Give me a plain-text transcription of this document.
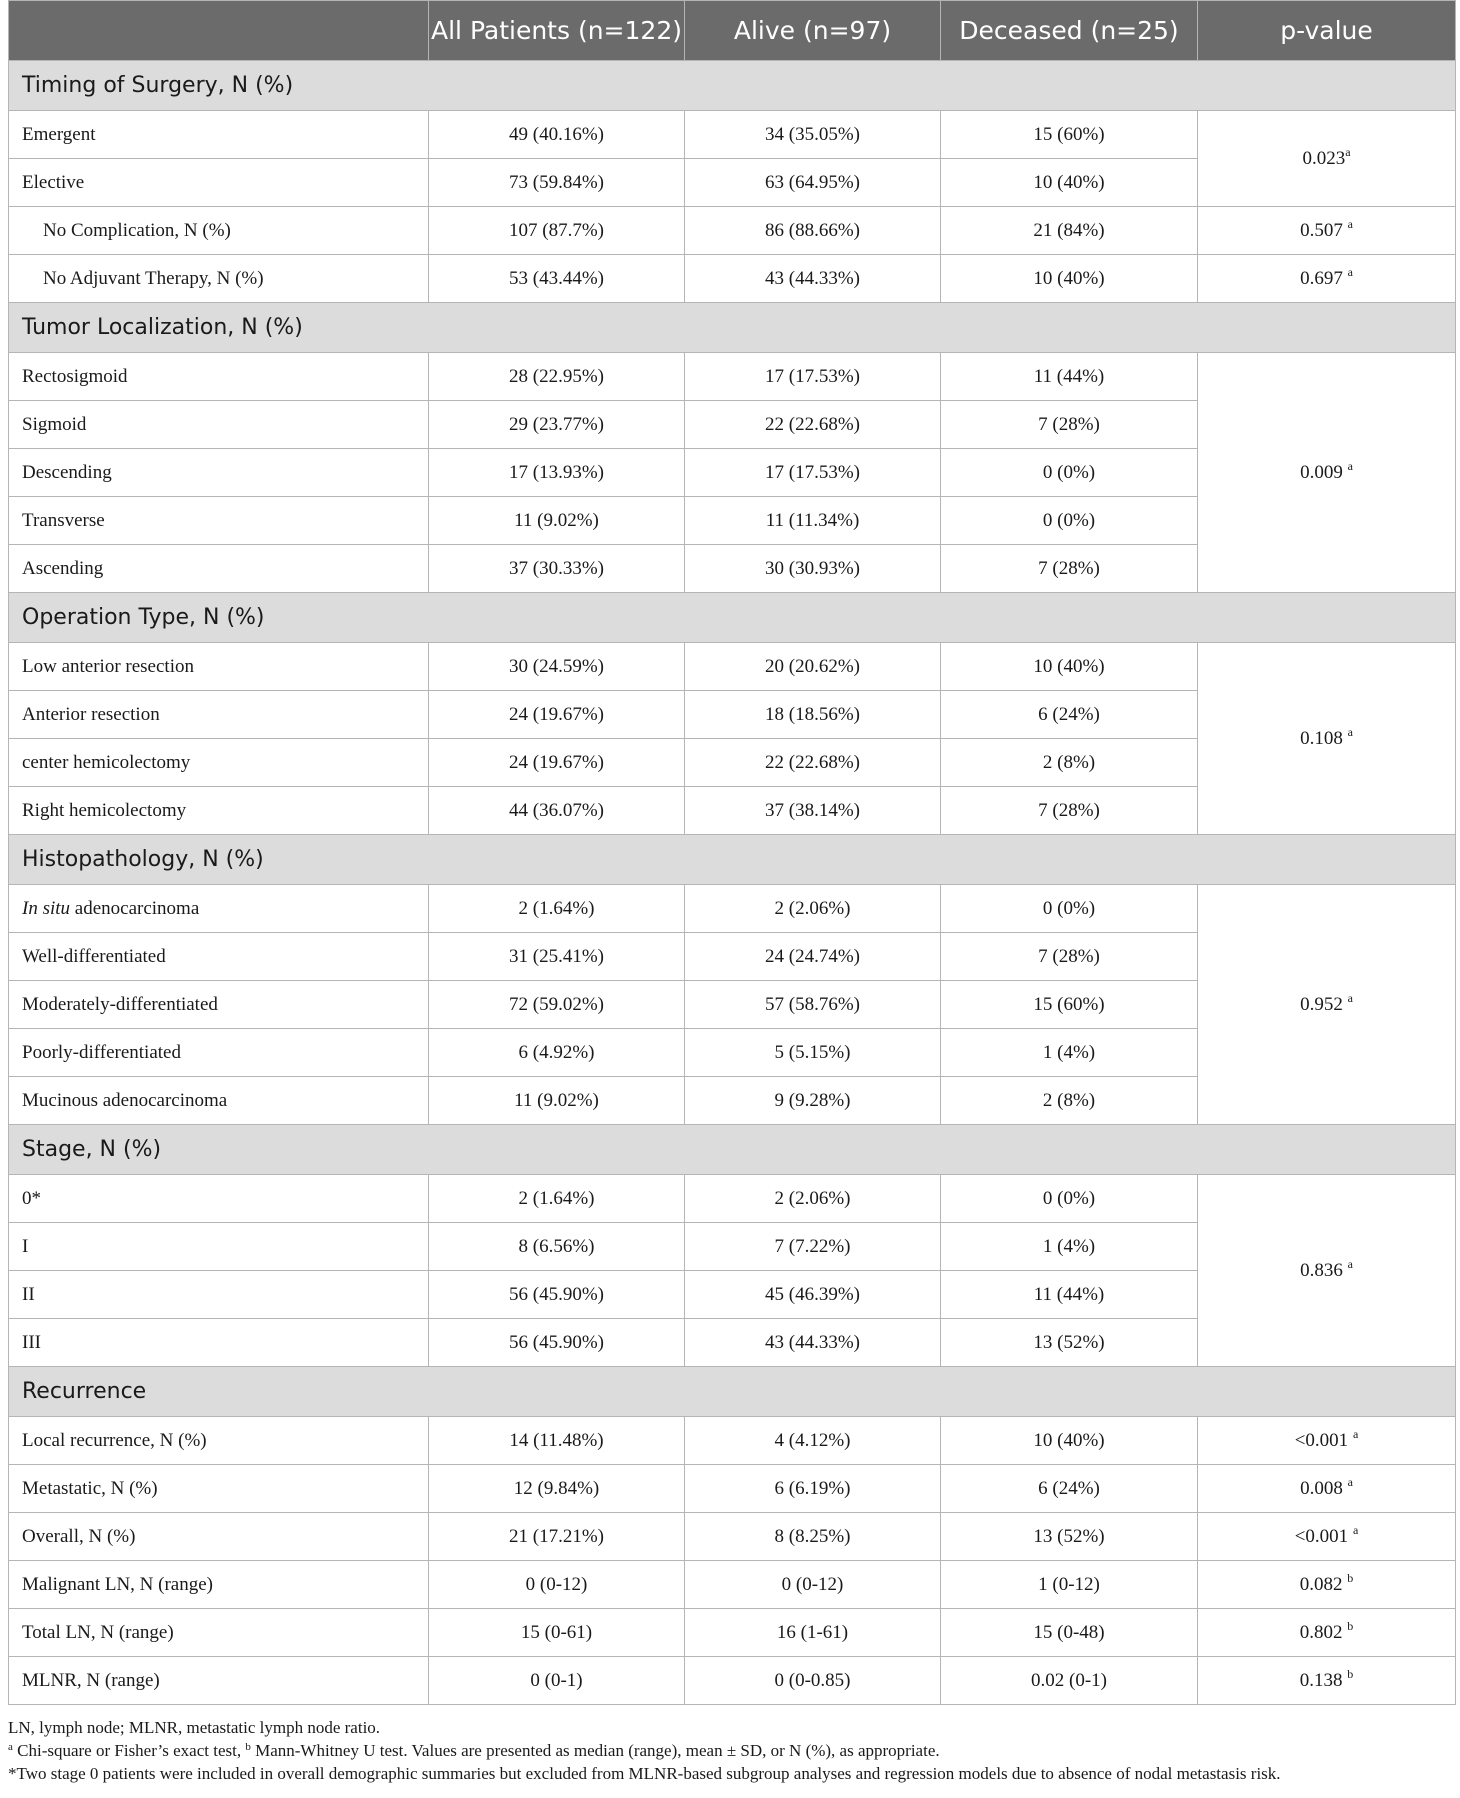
	All Patients (n=122)	Alive (n=97)	Deceased (n=25)	p-value
Timing of Surgery, N (%)				
Emergent	49 (40.16%)	34 (35.05%)	15 (60%)	0.023$^a$
Elective	73 (59.84%)	63 (64.95%)	10 (40%)	
No Complication, N (%)	107 (87.7%)	86 (88.66%)	21 (84%)	0.507 $^a$
No Adjuvant Therapy, N (%)	53 (43.44%)	43 (44.33%)	10 (40%)	0.697 $^a$
Tumor Localization, N (%)				
Rectosigmoid	28 (22.95%)	17 (17.53%)	11 (44%)	0.009 $^a$
Sigmoid	29 (23.77%)	22 (22.68%)	7 (28%)	
Descending	17 (13.93%)	17 (17.53%)	0 (0%)	
Transverse	11 (9.02%)	11 (11.34%)	0 (0%)	
Ascending	37 (30.33%)	30 (30.93%)	7 (28%)	
Operation Type, N (%)				
Low anterior resection	30 (24.59%)	20 (20.62%)	10 (40%)	0.108 $^a$
Anterior resection	24 (19.67%)	18 (18.56%)	6 (24%)	
center hemicolectomy	24 (19.67%)	22 (22.68%)	2 (8%)	
Right hemicolectomy	44 (36.07%)	37 (38.14%)	7 (28%)	
Histopathology, N (%)				
In situ adenocarcinoma	2 (1.64%)	2 (2.06%)	0 (0%)	0.952 $^a$
Well-differentiated	31 (25.41%)	24 (24.74%)	7 (28%)	
Moderately-differentiated	72 (59.02%)	57 (58.76%)	15 (60%)	
Poorly-differentiated	6 (4.92%)	5 (5.15%)	1 (4%)	
Mucinous adenocarcinoma	11 (9.02%)	9 (9.28%)	2 (8%)	
Stage, N (%)				
0*	2 (1.64%)	2 (2.06%)	0 (0%)	0.836 $^a$
I	8 (6.56%)	7 (7.22%)	1 (4%)	
II	56 (45.90%)	45 (46.39%)	11 (44%)	
III	56 (45.90%)	43 (44.33%)	13 (52%)	
Recurrence				
Local recurrence, N (%)	14 (11.48%)	4 (4.12%)	10 (40%)	<0.001 $^a$
Metastatic, N (%)	12 (9.84%)	6 (6.19%)	6 (24%)	0.008 $^a$
Overall, N (%)	21 (17.21%)	8 (8.25%)	13 (52%)	<0.001 $^a$
Malignant LN, N (range)	0 (0-12)	0 (0-12)	1 (0-12)	0.082 $^b$
Total LN, N (range)	15 (0-61)	16 (1-61)	15 (0-48)	0.802 $^b$
MLNR, N (range)	0 (0-1)	0 (0-0.85)	0.02 (0-1)	0.138 $^b$
LN, lymph node; MLNR, metastatic lymph node ratio.
$^a$ Chi-square or Fisher’s exact test, $^b$ Mann-Whitney U test. Values are presented as median (range), mean ± SD, or N (%), as appropriate.
*Two stage 0 patients were included in overall demographic summaries but excluded from MLNR-based subgroup analyses and regression models due to absence of nodal metastasis risk.
